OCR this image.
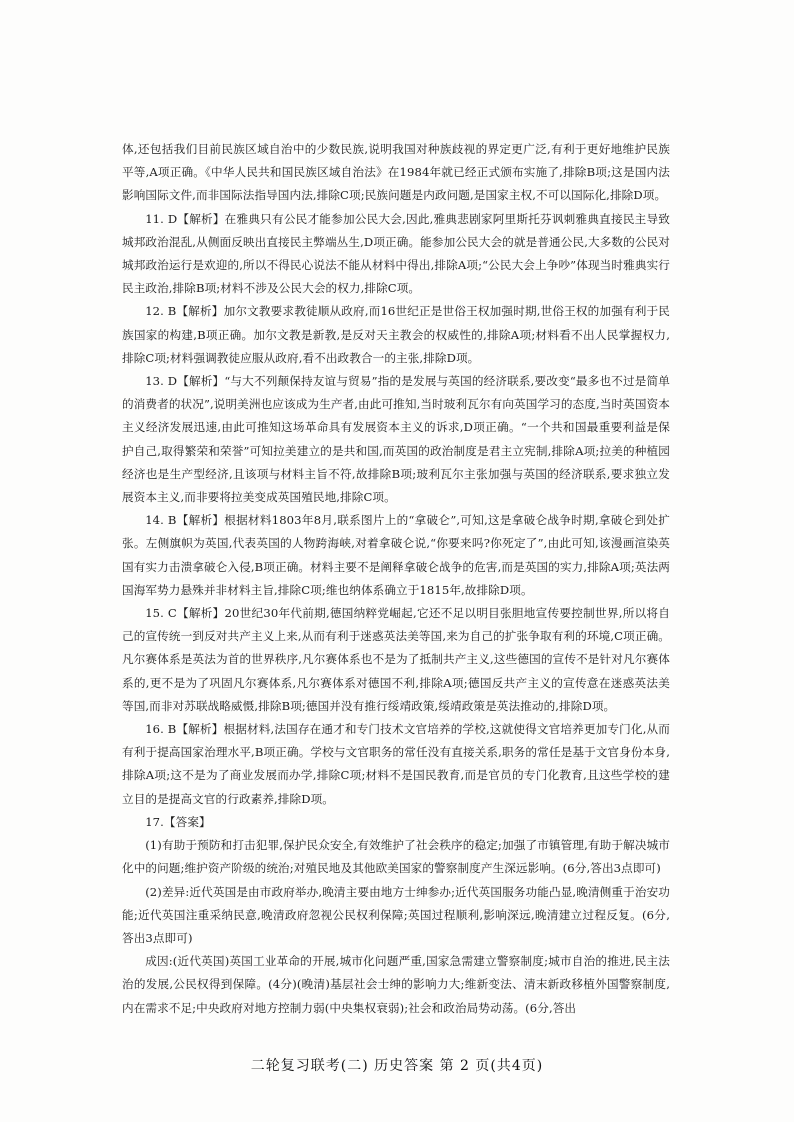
体,还包括我们目前民族区域自治中的少数民族,说明我国对种族歧视的界定更广泛,有利于更好地维护民族平等,A项正确。《中华人民共和国民族区域自治法》在1984年就已经正式颁布实施了,排除B项;这是国内法影响国际文件,而非国际法指导国内法,排除C项;民族问题是内政问题,是国家主权,不可以国际化,排除D项。

11. D【解析】在雅典只有公民才能参加公民大会,因此,雅典悲剧家阿里斯托芬讽刺雅典直接民主导致城邦政治混乱,从侧面反映出直接民主弊端丛生,D项正确。能参加公民大会的就是普通公民,大多数的公民对城邦政治运行是欢迎的,所以不得民心说法不能从材料中得出,排除A项;“公民大会上争吵”体现当时雅典实行民主政治,排除B项;材料不涉及公民大会的权力,排除C项。

12. B【解析】加尔文教要求教徒顺从政府,而16世纪正是世俗王权加强时期,世俗王权的加强有利于民族国家的构建,B项正确。加尔文教是新教,是反对天主教会的权威性的,排除A项;材料看不出人民掌握权力,排除C项;材料强调教徒应服从政府,看不出政教合一的主张,排除D项。

13. D【解析】“与大不列颠保持友谊与贸易”指的是发展与英国的经济联系,要改变“最多也不过是简单的消费者的状况”,说明美洲也应该成为生产者,由此可推知,当时玻利瓦尔有向英国学习的态度,当时英国资本主义经济发展迅速,由此可推知这场革命具有发展资本主义的诉求,D项正确。“一个共和国最重要利益是保护自己,取得繁荣和荣誉”可知拉美建立的是共和国,而英国的政治制度是君主立宪制,排除A项;拉美的种植园经济也是生产型经济,且该项与材料主旨不符,故排除B项;玻利瓦尔主张加强与英国的经济联系,要求独立发展资本主义,而非要将拉美变成英国殖民地,排除C项。

14. B【解析】根据材料1803年8月,联系图片上的“拿破仑”,可知,这是拿破仑战争时期,拿破仑到处扩张。左侧旗帜为英国,代表英国的人物跨海峡,对着拿破仑说,“你要来吗?你死定了”,由此可知,该漫画渲染英国有实力击溃拿破仑入侵,B项正确。材料主要不是阐释拿破仑战争的危害,而是英国的实力,排除A项;英法两国海军势力悬殊并非材料主旨,排除C项;维也纳体系确立于1815年,故排除D项。

15. C【解析】20世纪30年代前期,德国纳粹党崛起,它还不足以明目张胆地宣传要控制世界,所以将自己的宣传统一到反对共产主义上来,从而有利于迷惑英法美等国,来为自己的扩张争取有利的环境,C项正确。凡尔赛体系是英法为首的世界秩序,凡尔赛体系也不是为了抵制共产主义,这些德国的宣传不是针对凡尔赛体系的,更不是为了巩固凡尔赛体系,凡尔赛体系对德国不利,排除A项;德国反共产主义的宣传意在迷惑英法美等国,而非对苏联战略威慑,排除B项;德国并没有推行绥靖政策,绥靖政策是英法推动的,排除D项。

16. B【解析】根据材料,法国存在通才和专门技术文官培养的学校,这就使得文官培养更加专门化,从而有利于提高国家治理水平,B项正确。学校与文官职务的常任没有直接关系,职务的常任是基于文官身份本身,排除A项;这不是为了商业发展而办学,排除C项;材料不是国民教育,而是官员的专门化教育,且这些学校的建立目的是提高文官的行政素养,排除D项。

17.【答案】

(1)有助于预防和打击犯罪,保护民众安全,有效维护了社会秩序的稳定;加强了市镇管理,有助于解决城市化中的问题;维护资产阶级的统治;对殖民地及其他欧美国家的警察制度产生深远影响。(6分,答出3点即可)

(2)差异:近代英国是由市政府举办,晚清主要由地方士绅参办;近代英国服务功能凸显,晚清侧重于治安功能;近代英国注重采纳民意,晚清政府忽视公民权利保障;英国过程顺利,影响深远,晚清建立过程反复。(6分,答出3点即可)

成因:(近代英国)英国工业革命的开展,城市化问题严重,国家急需建立警察制度;城市自治的推进,民主法治的发展,公民权得到保障。(4分)(晚清)基层社会士绅的影响力大;维新变法、清末新政移植外国警察制度,内在需求不足;中央政府对地方控制力弱(中央集权衰弱);社会和政治局势动荡。(6分,答出

二轮复习联考(二) 历史答案 第 2 页(共4页)
